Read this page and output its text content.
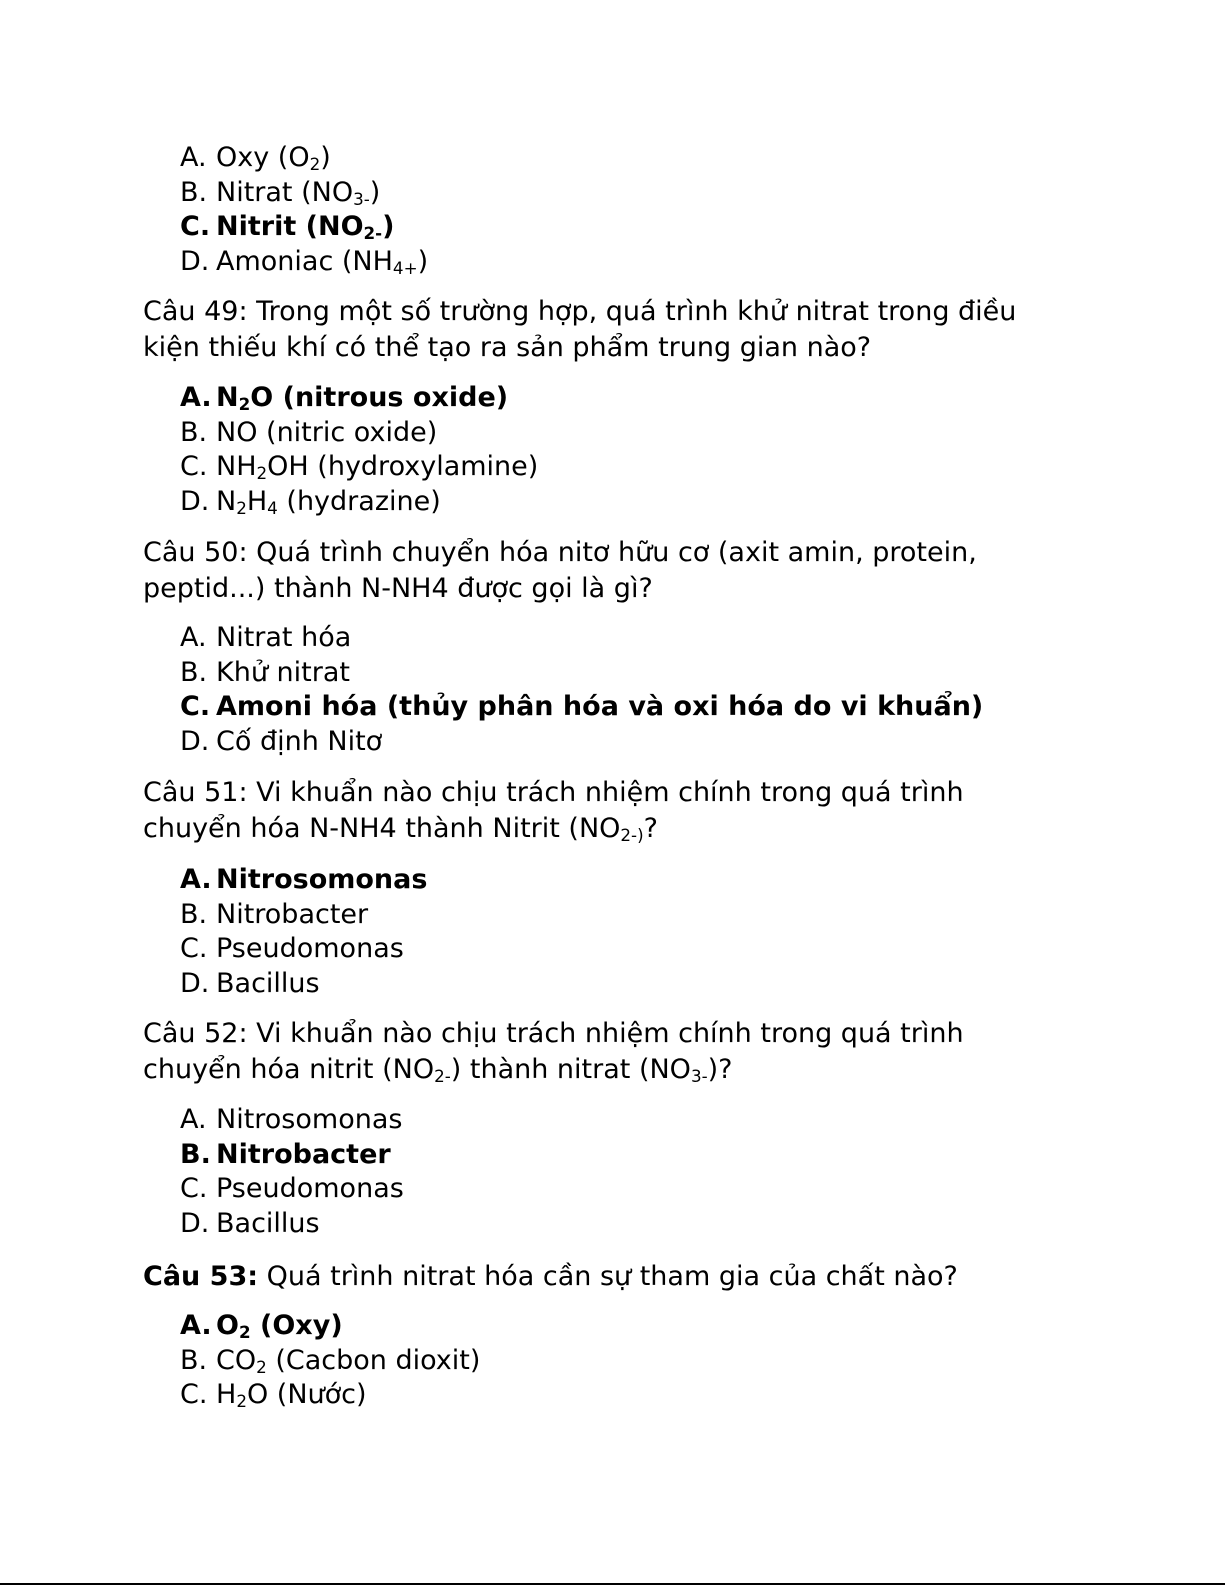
A. Oxy $(O_2)$
B. Nitrat $(NO_{3-})$
C. Nitrit $(NO_{2-})$
D. Amoniac $(NH_{4+})$
Câu 49: Trong một số trường hợp, quá trình khử nitrat trong điều
kiện thiếu khí có thể tạo ra sản phẩm trung gian nào?
A. $N_2O$ (nitrous oxide)
B. NO (nitric oxide)
C. $NH_2OH$ (hydroxylamine)
D. $N_2H_4$ (hydrazine)
Câu 50: Quá trình chuyển hóa nitơ hữu cơ (axit amin, protein,
peptid...) thành N-NH4 được gọi là gì?
A. Nitrat hóa
B. Khử nitrat
C. Amoni hóa (thủy phân hóa và oxi hóa do vi khuẩn)
D. Cố định Nitơ
Câu 51: Vi khuẩn nào chịu trách nhiệm chính trong quá trình
chuyển hóa N-NH4 thành Nitrit ($NO_{2-)}$?
A. Nitrosomonas
B. Nitrobacter
C. Pseudomonas
D. Bacillus
Câu 52: Vi khuẩn nào chịu trách nhiệm chính trong quá trình
chuyển hóa nitrit $(NO_{2-})$ thành nitrat $(NO_{3-})$?
A. Nitrosomonas
B. Nitrobacter
C. Pseudomonas
D. Bacillus
Câu 53: Quá trình nitrat hóa cần sự tham gia của chất nào?
A. $O_2$ (Oxy)
B. $CO_2$ (Cacbon dioxit)
C. $H_2O$ (Nước)
